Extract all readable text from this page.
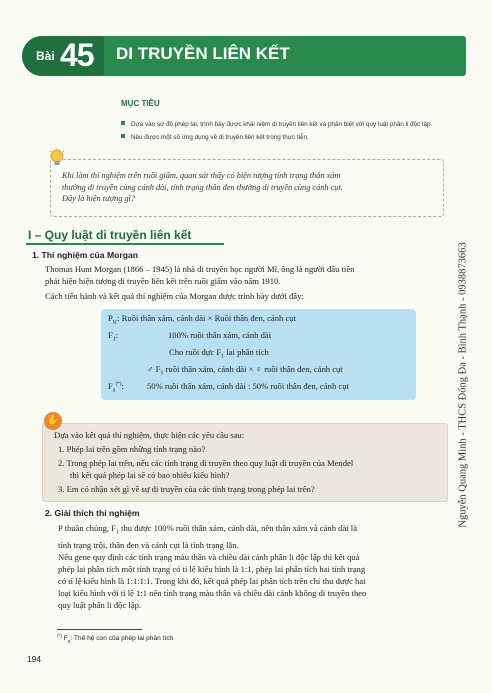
Bài 45 DI TRUYỀN LIÊN KẾT
MỤC TIÊU
Dựa vào sơ đồ phép lai, trình bày được khái niệm di truyền liên kết và phân biệt với quy luật phân li độc lập.
Nêu được một số ứng dụng về di truyền liên kết trong thực tiễn.
Khi làm thí nghiệm trên ruồi giấm, quan sát thấy có hiện tượng tính trạng thân xám
thường di truyền cùng cánh dài, tính trạng thân đen thường di truyền cùng cánh cụt.
Đây là hiện tượng gì?
I – Quy luật di truyền liên kết
1. Thí nghiệm của Morgan
Thomas Hunt Morgan (1866 – 1945) là nhà di truyền học người Mĩ, ông là người đầu tiên
phát hiện hiện tượng di truyền liên kết trên ruồi giấm vào năm 1910.
Cách tiến hành và kết quả thí nghiệm của Morgan được trình bày dưới đây:
$P_{tc}$: Ruồi thân xám, cánh dài × Ruồi thân đen, cánh cụt
$F_1$:	100% ruồi thân xám, cánh dài
Cho ruồi đực $F_1$ lai phân tích
♂ $F_1$ ruồi thân xám, cánh dài × ♀ ruồi thân đen, cánh cụt
$F_a^{(*)}$:	50% ruồi thân xám, cánh dài : 50% ruồi thân đen, cánh cụt
✋
Dựa vào kết quả thí nghiệm, thực hiện các yêu cầu sau:
1. Phép lai trên gồm những tính trạng nào?
2. Trong phép lai trên, nếu các tính trạng di truyền theo quy luật di truyền của Mendel
thì kết quả phép lai sẽ có bao nhiêu kiểu hình?
3. Em có nhận xét gì về sự di truyền của các tính trạng trong phép lai trên?
2. Giải thích thí nghiệm
P thuần chủng, $F_1$ thu được 100% ruồi thân xám, cánh dài, nên thân xám và cánh dài là
tính trạng trội, thân đen và cánh cụt là tính trạng lặn.
Nếu gene quy định các tính trạng màu thân và chiều dài cánh phân li độc lập thì kết quả
phép lai phân tích một tính trạng có tỉ lệ kiểu hình là 1:1, phép lai phân tích hai tính trạng
có tỉ lệ kiểu hình là 1:1:1:1. Trong khi đó, kết quả phép lai phân tích trên chỉ thu được hai
loại kiểu hình với tỉ lệ 1:1 nên tính trạng màu thân và chiều dài cánh không di truyền theo
quy luật phân li độc lập.
(*) $F_a$: Thế hệ con của phép lai phân tích
194
Nguyễn Quang Minh - THCS Đống Đa - Bình Thạnh - 0938873663
